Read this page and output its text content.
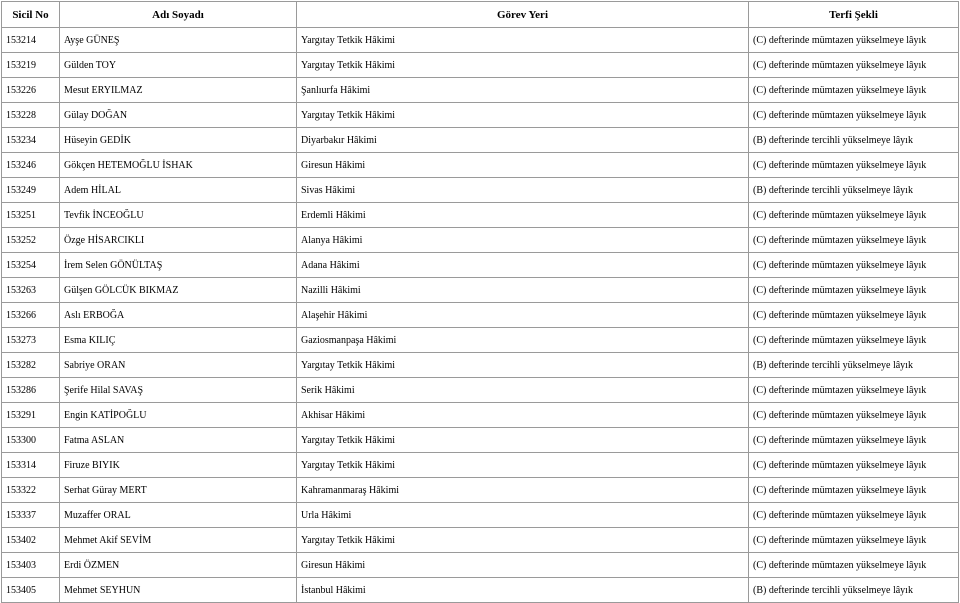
Sicil No	Adı Soyadı	Görev Yeri	Terfi Şekli
153214	Ayşe GÜNEŞ	Yargıtay Tetkik Hâkimi	(C) defterinde mümtazen yükselmeye lâyık
153219	Gülden TOY	Yargıtay Tetkik Hâkimi	(C) defterinde mümtazen yükselmeye lâyık
153226	Mesut ERYILMAZ	Şanlıurfa Hâkimi	(C) defterinde mümtazen yükselmeye lâyık
153228	Gülay DOĞAN	Yargıtay Tetkik Hâkimi	(C) defterinde mümtazen yükselmeye lâyık
153234	Hüseyin GEDİK	Diyarbakır Hâkimi	(B) defterinde tercihli yükselmeye lâyık
153246	Gökçen HETEMOĞLU İSHAK	Giresun Hâkimi	(C) defterinde mümtazen yükselmeye lâyık
153249	Adem HİLAL	Sivas Hâkimi	(B) defterinde tercihli yükselmeye lâyık
153251	Tevfik İNCEOĞLU	Erdemli Hâkimi	(C) defterinde mümtazen yükselmeye lâyık
153252	Özge HİSARCIKLI	Alanya Hâkimi	(C) defterinde mümtazen yükselmeye lâyık
153254	İrem Selen GÖNÜLTAŞ	Adana Hâkimi	(C) defterinde mümtazen yükselmeye lâyık
153263	Gülşen GÖLCÜK BIKMAZ	Nazilli Hâkimi	(C) defterinde mümtazen yükselmeye lâyık
153266	Aslı ERBOĞA	Alaşehir Hâkimi	(C) defterinde mümtazen yükselmeye lâyık
153273	Esma KILIÇ	Gaziosmanpaşa Hâkimi	(C) defterinde mümtazen yükselmeye lâyık
153282	Sabriye ORAN	Yargıtay Tetkik Hâkimi	(B) defterinde tercihli yükselmeye lâyık
153286	Şerife Hilal SAVAŞ	Serik Hâkimi	(C) defterinde mümtazen yükselmeye lâyık
153291	Engin KATİPOĞLU	Akhisar Hâkimi	(C) defterinde mümtazen yükselmeye lâyık
153300	Fatma ASLAN	Yargıtay Tetkik Hâkimi	(C) defterinde mümtazen yükselmeye lâyık
153314	Firuze BIYIK	Yargıtay Tetkik Hâkimi	(C) defterinde mümtazen yükselmeye lâyık
153322	Serhat Güray MERT	Kahramanmaraş Hâkimi	(C) defterinde mümtazen yükselmeye lâyık
153337	Muzaffer ORAL	Urla Hâkimi	(C) defterinde mümtazen yükselmeye lâyık
153402	Mehmet Akif SEVİM	Yargıtay Tetkik Hâkimi	(C) defterinde mümtazen yükselmeye lâyık
153403	Erdi ÖZMEN	Giresun Hâkimi	(C) defterinde mümtazen yükselmeye lâyık
153405	Mehmet SEYHUN	İstanbul Hâkimi	(B) defterinde tercihli yükselmeye lâyık
